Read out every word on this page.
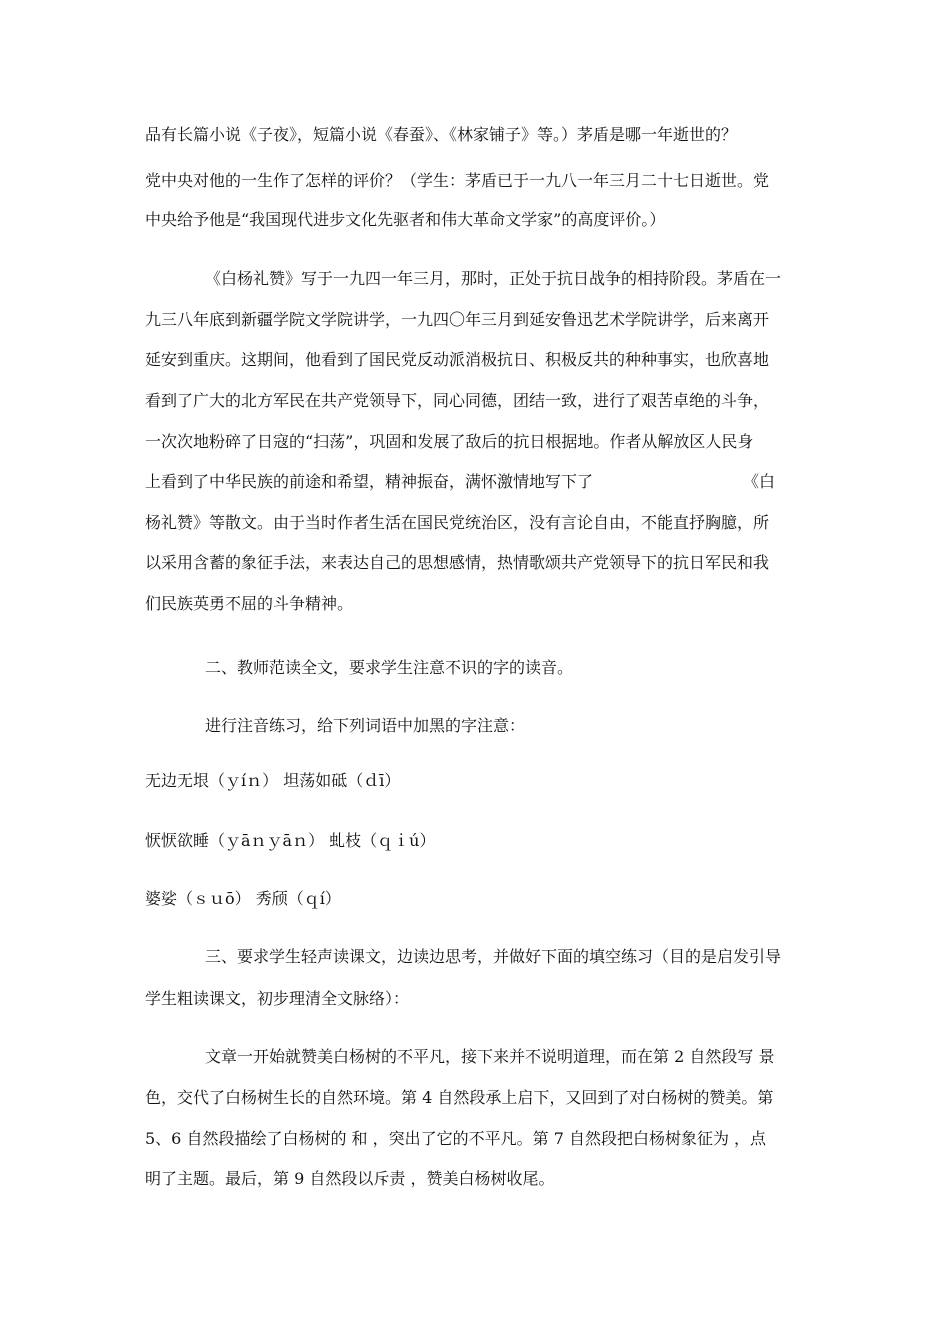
品有长篇小说《子夜》，短篇小说《春蚕》、《林家铺子》等。）茅盾是哪一年逝世的？
党中央对他的一生作了怎样的评价？（学生：茅盾已于一九八一年三月二十七日逝世。党
中央给予他是“我国现代进步文化先驱者和伟大革命文学家”的高度评价。）
《白杨礼赞》写于一九四一年三月，那时，正处于抗日战争的相持阶段。茅盾在一
九三八年底到新疆学院文学院讲学，一九四〇年三月到延安鲁迅艺术学院讲学，后来离开
延安到重庆。这期间，他看到了国民党反动派消极抗日、积极反共的种种事实，也欣喜地
看到了广大的北方军民在共产党领导下，同心同德，团结一致，进行了艰苦卓绝的斗争，
一次次地粉碎了日寇的“扫荡”，巩固和发展了敌后的抗日根据地。作者从解放区人民身
上看到了中华民族的前途和希望，精神振奋，满怀激情地写下了	《白
杨礼赞》等散文。由于当时作者生活在国民党统治区，没有言论自由，不能直抒胸臆，所
以采用含蓄的象征手法，来表达自己的思想感情，热情歌颂共产党领导下的抗日军民和我
们民族英勇不屈的斗争精神。
二、教师范读全文，要求学生注意不识的字的读音。
进行注音练习，给下列词语中加黑的字注意：
无边无垠（ｙíｎ） 坦荡如砥（ｄī）
恹恹欲睡（ｙāｎｙāｎ） 虬枝（ｑｉú）
婆娑（ｓｕō） 秀颀（ｑí）
三、要求学生轻声读课文，边读边思考，并做好下面的填空练习（目的是启发引导
学生粗读课文，初步理清全文脉络）：
文章一开始就赞美白杨树的不平凡，接下来并不说明道理，而在第 2 自然段写 景
色，交代了白杨树生长的自然环境。第 4 自然段承上启下，又回到了对白杨树的赞美。第
5、6 自然段描绘了白杨树的 和 ，突出了它的不平凡。第 7 自然段把白杨树象征为 ，点
明了主题。最后，第 9 自然段以斥责 ，赞美白杨树收尾。
